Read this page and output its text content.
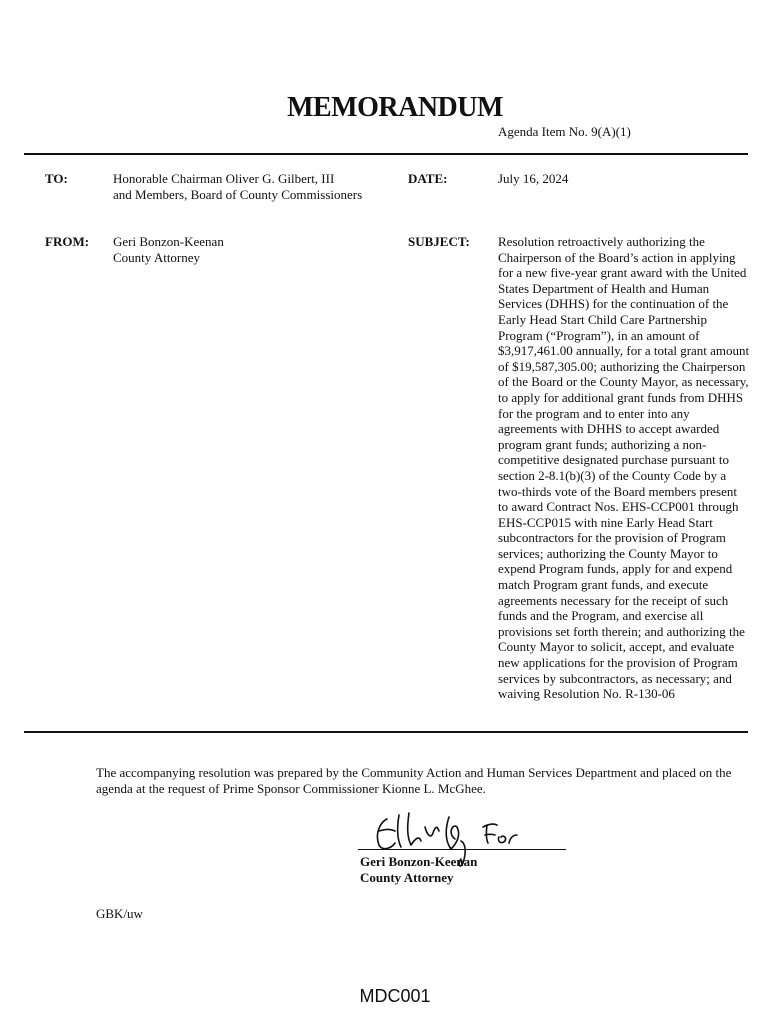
MEMORANDUM
Agenda Item No. 9(A)(1)
TO:	Honorable Chairman Oliver G. Gilbert, III
and Members, Board of County Commissioners
DATE:	July 16, 2024
FROM: Geri Bonzon-Keenan
County Attorney
SUBJECT: Resolution retroactively authorizing the Chairperson of the Board’s action in applying for a new five-year grant award with the United States Department of Health and Human Services (DHHS) for the continuation of the Early Head Start Child Care Partnership Program (“Program”), in an amount of $3,917,461.00 annually, for a total grant amount of $19,587,305.00; authorizing the Chairperson of the Board or the County Mayor, as necessary, to apply for additional grant funds from DHHS for the program and to enter into any agreements with DHHS to accept awarded program grant funds; authorizing a non-competitive designated purchase pursuant to section 2-8.1(b)(3) of the County Code by a two-thirds vote of the Board members present to award Contract Nos. EHS-CCP001 through EHS-CCP015 with nine Early Head Start subcontractors for the provision of Program services; authorizing the County Mayor to expend Program funds, apply for and expend match Program grant funds, and execute agreements necessary for the receipt of such funds and the Program, and exercise all provisions set forth therein; and authorizing the County Mayor to solicit, accept, and evaluate new applications for the provision of Program services by subcontractors, as necessary; and waiving Resolution No. R-130-06
The accompanying resolution was prepared by the Community Action and Human Services Department and placed on the agenda at the request of Prime Sponsor Commissioner Kionne L. McGhee.
Geri Bonzon-Keenan
County Attorney
GBK/uw
MDC001
